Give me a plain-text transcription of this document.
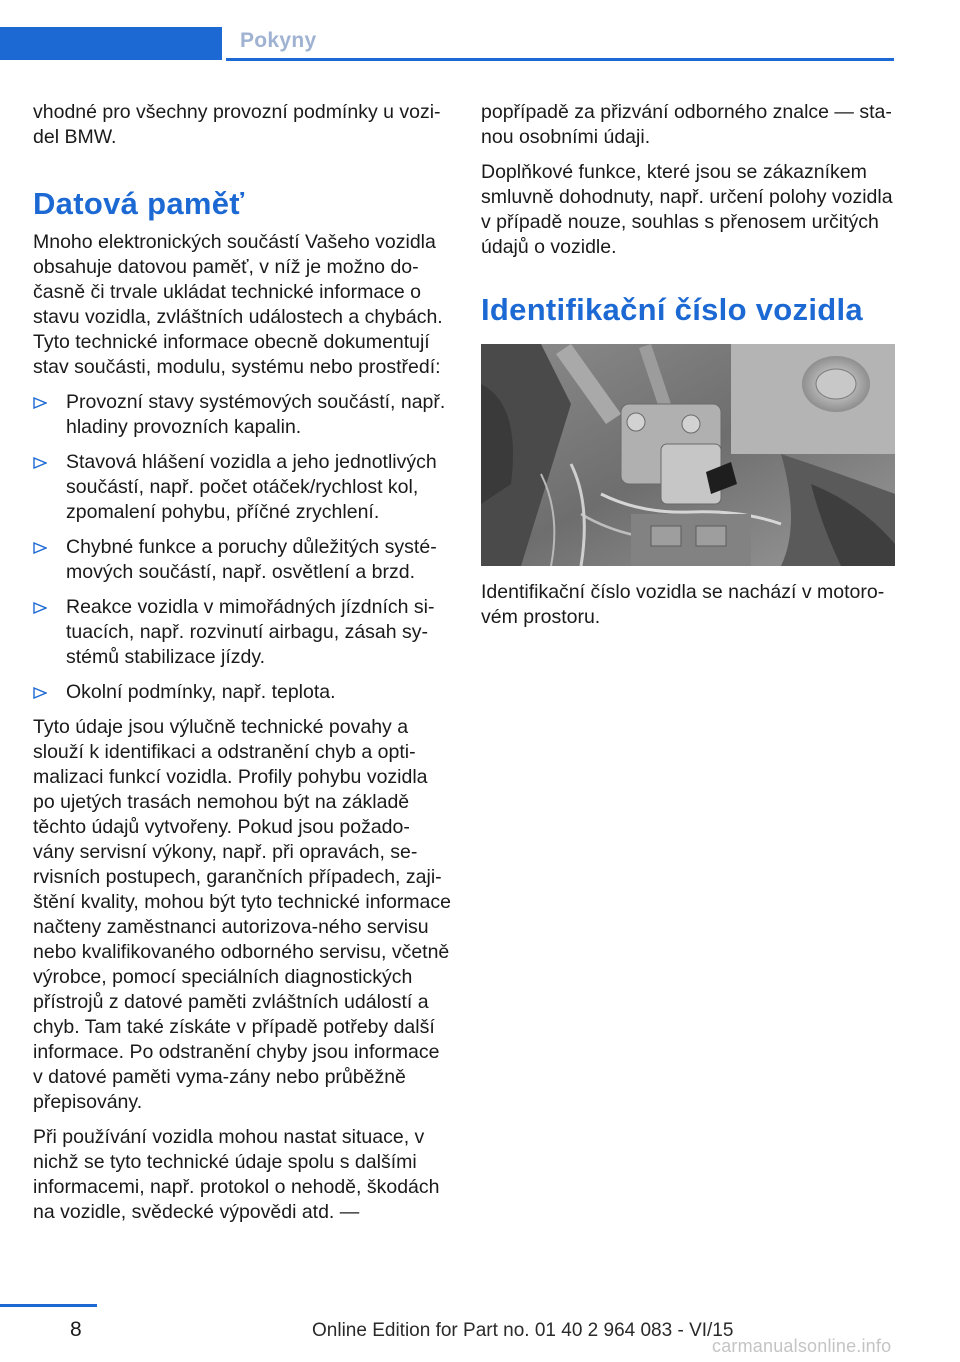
Pokyny

vhodné pro všechny provozní podmínky u vozi-del BMW.

Datová paměť

Mnoho elektronických součástí Vašeho vozidla obsahuje datovou paměť, v níž je možno do-časně či trvale ukládat technické informace o stavu vozidla, zvláštních událostech a chybách. Tyto technické informace obecně dokumentují stav součásti, modulu, systému nebo prostředí:

Provozní stavy systémových součástí, např. hladiny provozních kapalin.
Stavová hlášení vozidla a jeho jednotlivých součástí, např. počet otáček/rychlost kol, zpomalení pohybu, příčné zrychlení.
Chybné funkce a poruchy důležitých systé-mových součástí, např. osvětlení a brzd.
Reakce vozidla v mimořádných jízdních si-tuacích, např. rozvinutí airbagu, zásah sy-stémů stabilizace jízdy.
Okolní podmínky, např. teplota.

Tyto údaje jsou výlučně technické povahy a slouží k identifikaci a odstranění chyb a opti-malizaci funkcí vozidla. Profily pohybu vozidla po ujetých trasách nemohou být na základě těchto údajů vytvořeny. Pokud jsou požado-vány servisní výkony, např. při opravách, se-rvisních postupech, garančních případech, zaji-štění kvality, mohou být tyto technické informace načteny zaměstnanci autorizova-ného servisu nebo kvalifikovaného odborného servisu, včetně výrobce, pomocí speciálních diagnostických přístrojů z datové paměti zvláštních událostí a chyb. Tam také získáte v případě potřeby další informace. Po odstranění chyby jsou informace v datové paměti vyma-zány nebo průběžně přepisovány.

Při používání vozidla mohou nastat situace, v nichž se tyto technické údaje spolu s dalšími informacemi, např. protokol o nehodě, škodách na vozidle, svědecké výpovědi atd. —

popřípadě za přizvání odborného znalce — sta-nou osobními údaji.

Doplňkové funkce, které jsou se zákazníkem smluvně dohodnuty, např. určení polohy vozidla v případě nouze, souhlas s přenosem určitých údajů o vozidle.

Identifikační číslo vozidla

Identifikační číslo vozidla se nachází v motoro-vém prostoru.

8	Online Edition for Part no. 01 40 2 964 083 - VI/15
carmanualsonline.info
